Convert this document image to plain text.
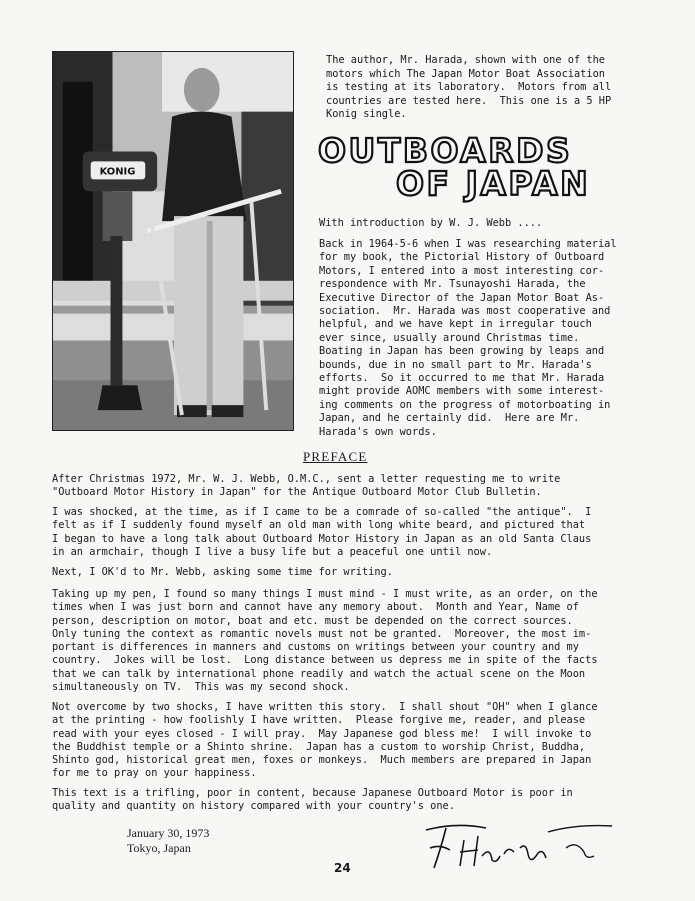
KONIG
The author, Mr. Harada, shown with one of the
motors which The Japan Motor Boat Association
is testing at its laboratory.  Motors from all
countries are tested here.  This one is a 5 HP
Konig single.
OUTBOARDS
OF JAPAN
With introduction by W. J. Webb ....
Back in 1964-5-6 when I was researching material
for my book, the Pictorial History of Outboard
Motors, I entered into a most interesting cor-
respondence with Mr. Tsunayoshi Harada, the
Executive Director of the Japan Motor Boat As-
sociation.  Mr. Harada was most cooperative and
helpful, and we have kept in irregular touch
ever since, usually around Christmas time.
Boating in Japan has been growing by leaps and
bounds, due in no small part to Mr. Harada's
efforts.  So it occurred to me that Mr. Harada
might provide AOMC members with some interest-
ing comments on the progress of motorboating in
Japan, and he certainly did.  Here are Mr.
Harada's own words.
PREFACE
After Christmas 1972, Mr. W. J. Webb, O.M.C., sent a letter requesting me to write
"Outboard Motor History in Japan" for the Antique Outboard Motor Club Bulletin.
I was shocked, at the time, as if I came to be a comrade of so-called "the antique".  I
felt as if I suddenly found myself an old man with long white beard, and pictured that
I began to have a long talk about Outboard Motor History in Japan as an old Santa Claus
in an armchair, though I live a busy life but a peaceful one until now.
Next, I OK'd to Mr. Webb, asking some time for writing.
Taking up my pen, I found so many things I must mind - I must write, as an order, on the
times when I was just born and cannot have any memory about.  Month and Year, Name of
person, description on motor, boat and etc. must be depended on the correct sources.
Only tuning the context as romantic novels must not be granted.  Moreover, the most im-
portant is differences in manners and customs on writings between your country and my
country.  Jokes will be lost.  Long distance between us depress me in spite of the facts
that we can talk by international phone readily and watch the actual scene on the Moon
simultaneously on TV.  This was my second shock.
Not overcome by two shocks, I have written this story.  I shall shout "OH" when I glance
at the printing - how foolishly I have written.  Please forgive me, reader, and please
read with your eyes closed - I will pray.  May Japanese god bless me!  I will invoke to
the Buddhist temple or a Shinto shrine.  Japan has a custom to worship Christ, Buddha,
Shinto god, historical great men, foxes or monkeys.  Much members are prepared in Japan
for me to pray on your happiness.
This text is a trifling, poor in content, because Japanese Outboard Motor is poor in
quality and quantity on history compared with your country's one.
January 30, 1973
Tokyo, Japan
24
